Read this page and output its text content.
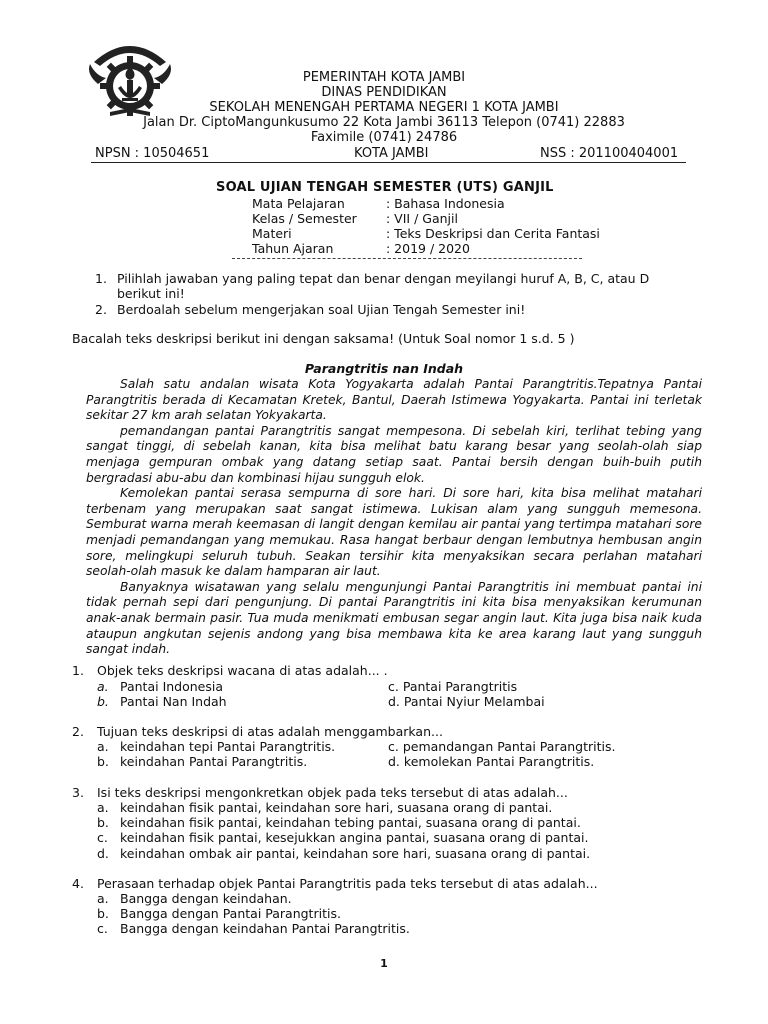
SMP NEGERI 1
PEMERINTAH KOTA JAMBI
DINAS PENDIDIKAN
SEKOLAH MENENGAH PERTAMA NEGERI 1 KOTA JAMBI
Jalan Dr. CiptoMangunkusumo 22 Kota Jambi 36113 Telepon (0741) 22883
Faximile (0741) 24786
NPSN : 10504651	KOTA JAMBI	NSS : 201100404001
SOAL UJIAN TENGAH SEMESTER (UTS) GANJIL
Mata Pelajaran	: Bahasa Indonesia
Kelas / Semester : VII / Ganjil
Materi	: Teks Deskripsi dan Cerita Fantasi
Tahun Ajaran	: 2019 / 2020
1. Pilihlah jawaban yang paling tepat dan benar dengan meyilangi huruf A, B, C, atau D
berikut ini!
2. Berdoalah sebelum mengerjakan soal Ujian Tengah Semester ini!
Bacalah teks deskripsi berikut ini dengan saksama! (Untuk Soal nomor 1 s.d. 5 )
Parangtritis nan Indah

Salah satu andalan wisata Kota Yogyakarta adalah Pantai Parangtritis.Tepatnya Pantai Parangtritis berada di Kecamatan Kretek, Bantul, Daerah Istimewa Yogyakarta. Pantai ini terletak sekitar 27 km arah selatan Yokyakarta.

pemandangan pantai Parangtritis sangat mempesona. Di sebelah kiri, terlihat tebing yang sangat tinggi, di sebelah kanan, kita bisa melihat batu karang besar yang seolah-olah siap menjaga gempuran ombak yang datang setiap saat. Pantai bersih dengan buih-buih putih bergradasi abu-abu dan kombinasi hijau sungguh elok.

Kemolekan pantai serasa sempurna di sore hari. Di sore hari, kita bisa melihat matahari terbenam yang merupakan saat sangat istimewa. Lukisan alam yang sungguh memesona. Semburat warna merah keemasan di langit dengan kemilau air pantai yang tertimpa matahari sore menjadi pemandangan yang memukau. Rasa hangat berbaur dengan lembutnya hembusan angin sore, melingkupi seluruh tubuh. Seakan tersihir kita menyaksikan secara perlahan matahari seolah-olah masuk ke dalam hamparan air laut.

Banyaknya wisatawan yang selalu mengunjungi Pantai Parangtritis ini membuat pantai ini tidak pernah sepi dari pengunjung. Di pantai Parangtritis ini kita bisa menyaksikan kerumunan anak-anak bermain pasir. Tua muda menikmati embusan segar angin laut. Kita juga bisa naik kuda ataupun angkutan sejenis andong yang bisa membawa kita ke area karang laut yang sungguh sangat indah.

1. Objek teks deskripsi wacana di atas adalah... .
a. Pantai Indonesia	c. Pantai Parangtritis
b. Pantai Nan Indah	d. Pantai Nyiur Melambai
2. Tujuan teks deskripsi di atas adalah menggambarkan...
a. keindahan tepi Pantai Parangtritis.	c. pemandangan Pantai Parangtritis.
b. keindahan Pantai Parangtritis.	d. kemolekan Pantai Parangtritis.
3. Isi teks deskripsi mengonkretkan objek pada teks tersebut di atas adalah...
a. keindahan fisik pantai, keindahan sore hari, suasana orang di pantai.
b. keindahan fisik pantai, keindahan tebing pantai, suasana orang di pantai.
c. keindahan fisik pantai, kesejukkan angina pantai, suasana orang di pantai.
d. keindahan ombak air pantai, keindahan sore hari, suasana orang di pantai.
4. Perasaan terhadap objek Pantai Parangtritis pada teks tersebut di atas adalah...
a. Bangga dengan keindahan.
b. Bangga dengan Pantai Parangtritis.
c. Bangga dengan keindahan Pantai Parangtritis.
1
